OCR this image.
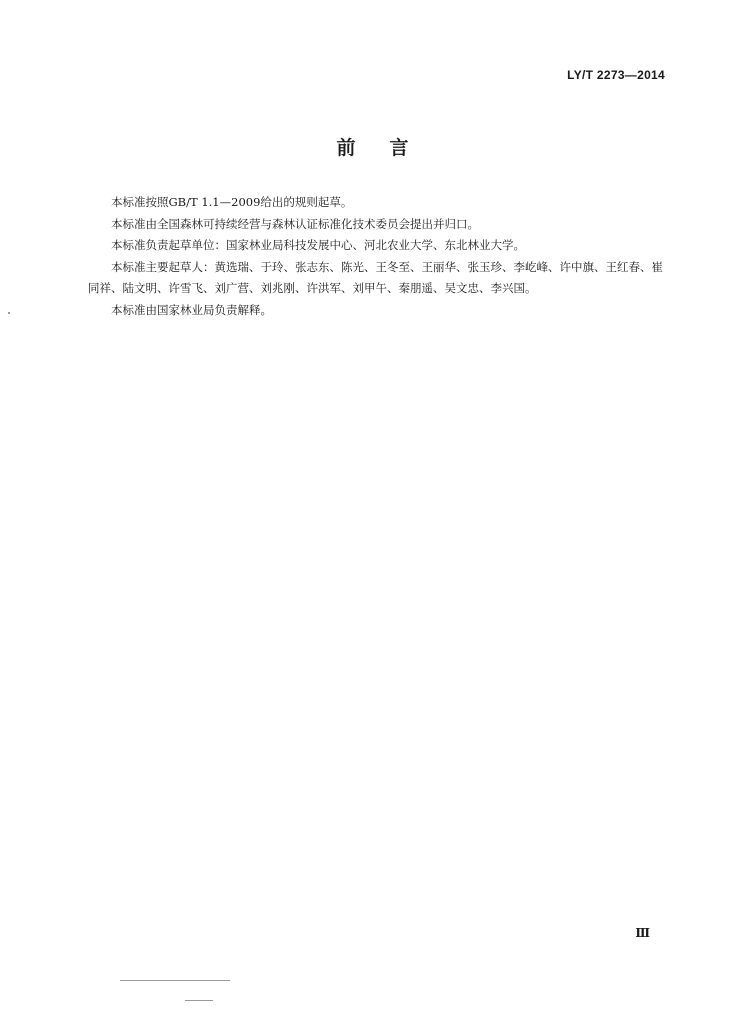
LY/T 2273—2014
前言

本标准按照GB/T 1.1—2009给出的规则起草。

本标准由全国森林可持续经营与森林认证标准化技术委员会提出并归口。

本标准负责起草单位：国家林业局科技发展中心、河北农业大学、东北林业大学。

本标准主要起草人：黄选瑞、于玲、张志东、陈光、王冬至、王丽华、张玉珍、李屹峰、许中旗、王红春、崔同祥、陆文明、许雪飞、刘广营、刘兆刚、许洪军、刘甲午、秦朋遥、吴文忠、李兴国。

本标准由国家林业局负责解释。

Ⅲ
